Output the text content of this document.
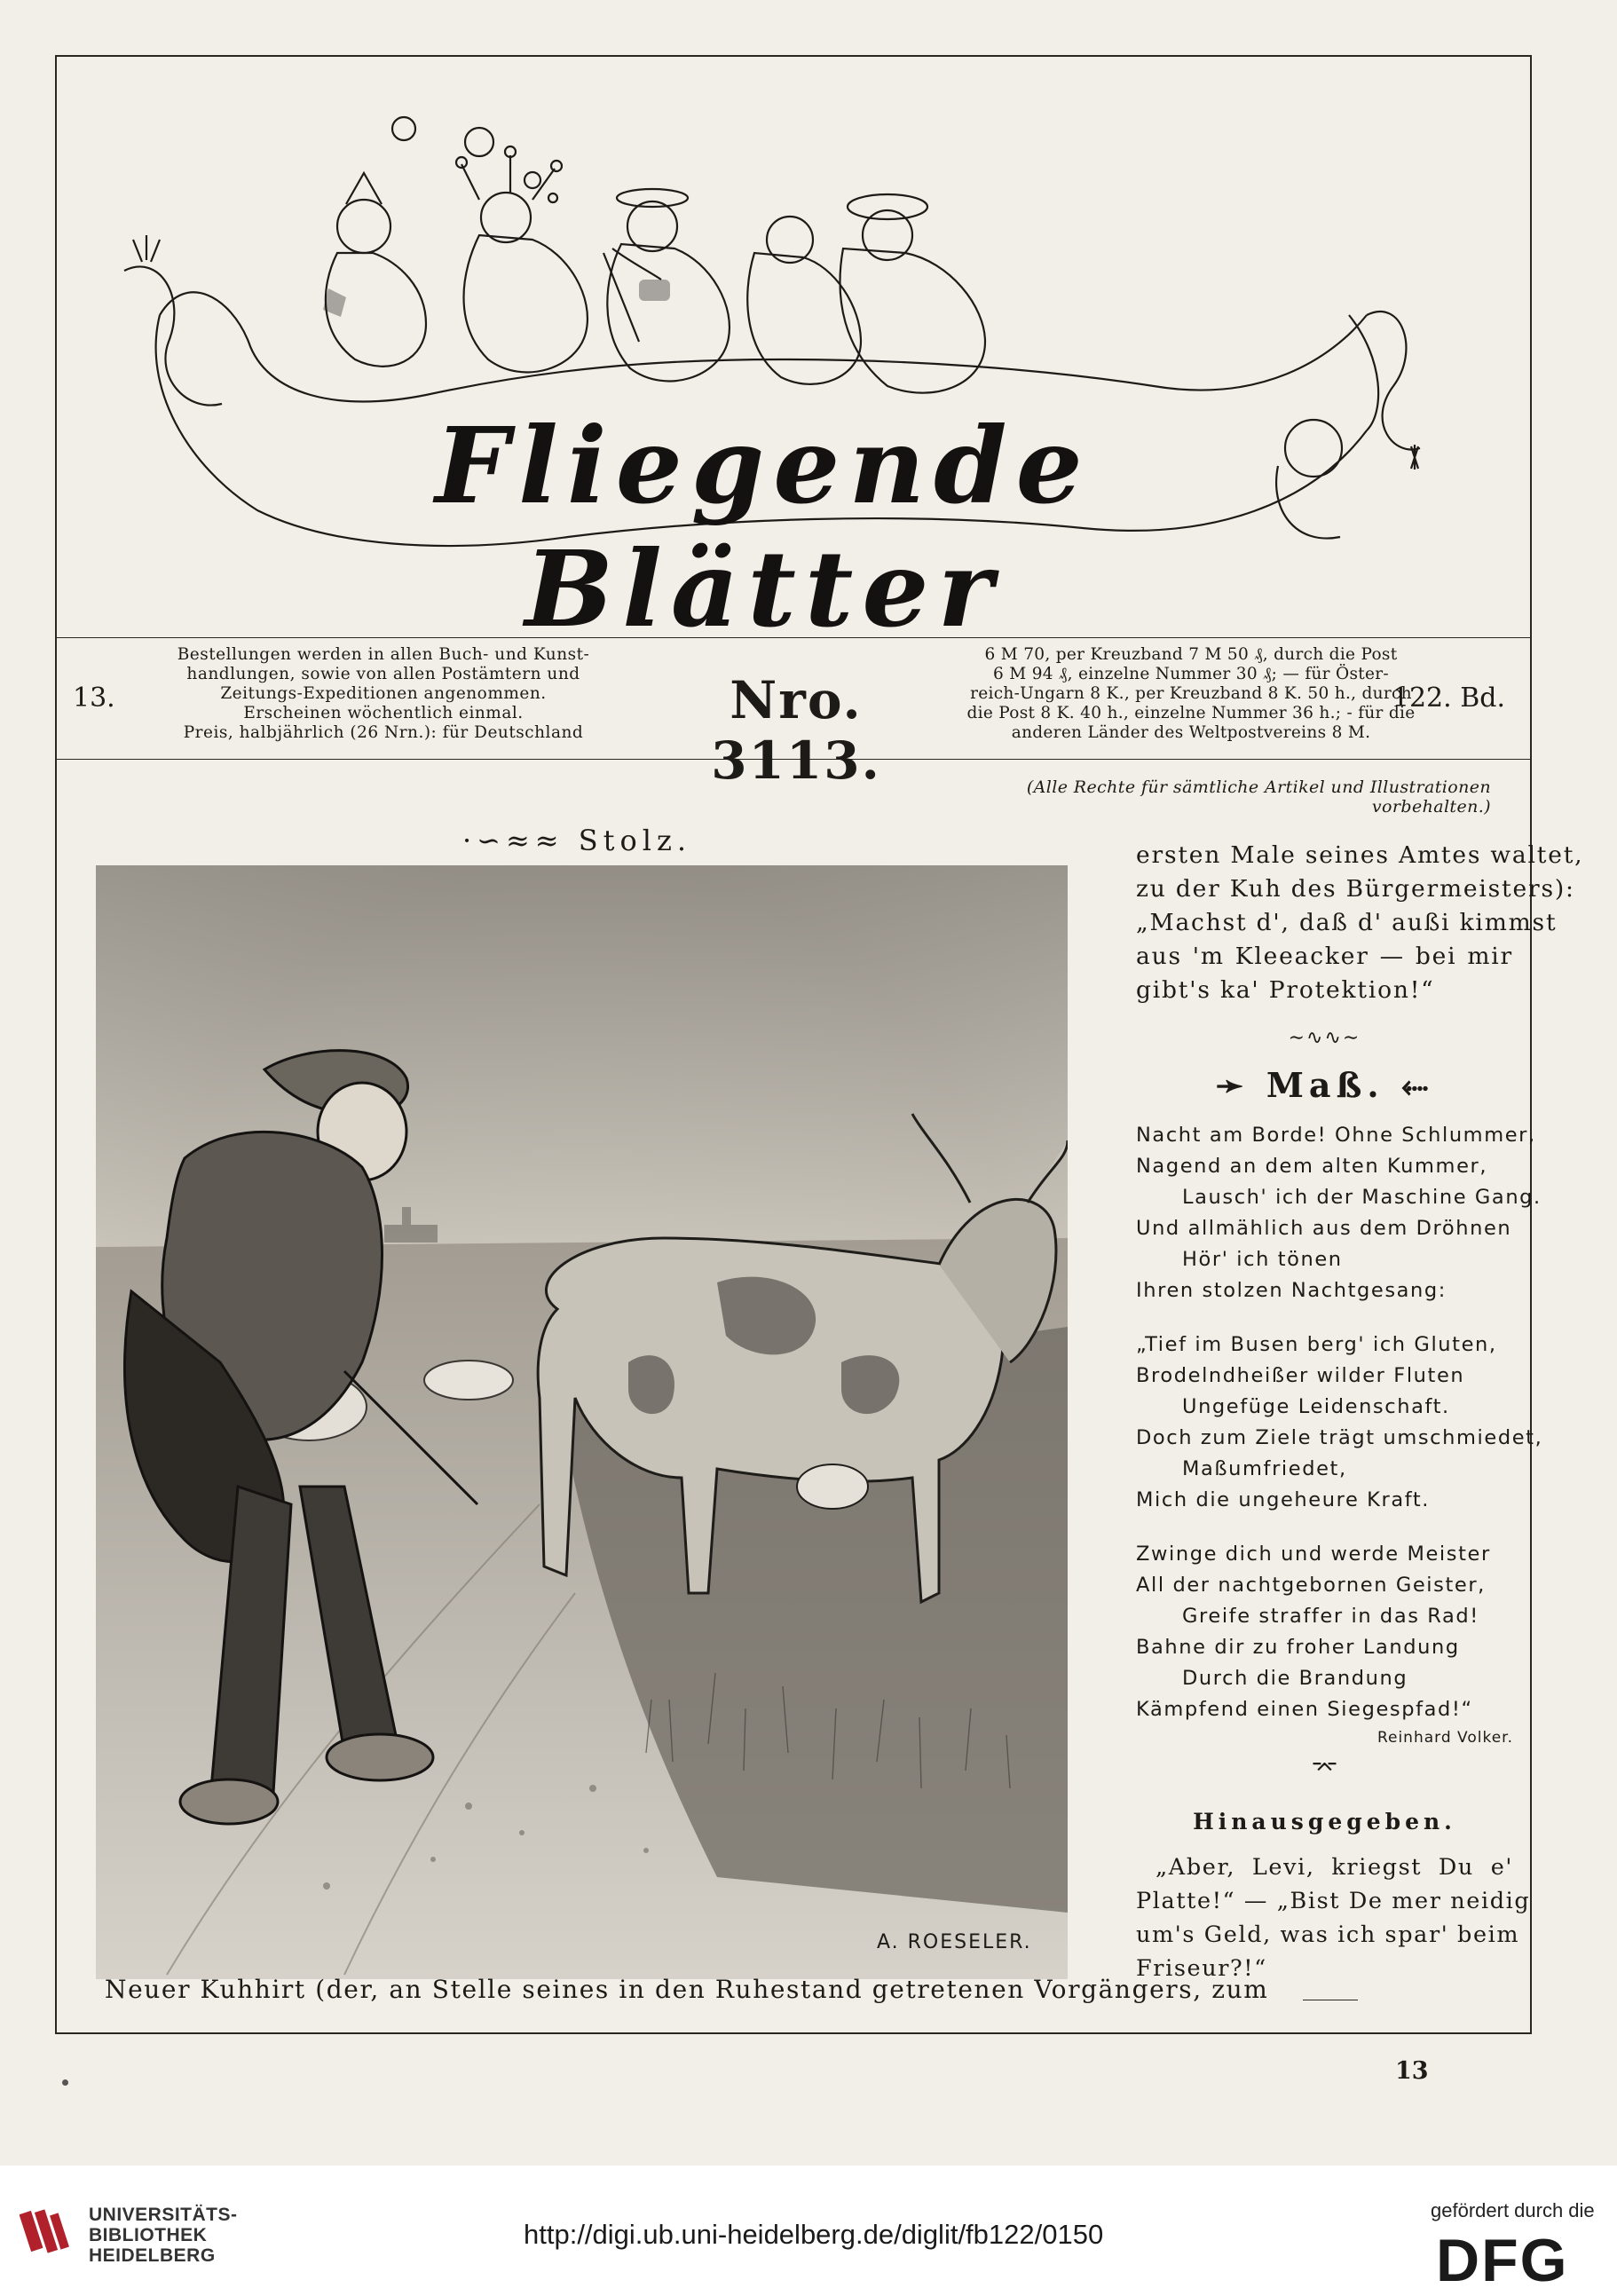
Fliegende Blätter
13.
Bestellungen werden in allen Buch- und Kunst-
handlungen, sowie von allen Postämtern und
Zeitungs-Expeditionen angenommen.
Erscheinen wöchentlich einmal.
Preis, halbjährlich (26 Nrn.): für Deutschland
Nro. 3113.
6 M 70, per Kreuzband 7 M 50 ₰, durch die Post
6 M 94 ₰, einzelne Nummer 30 ₰; — für Öster-
reich-Ungarn 8 K., per Kreuzband 8 K. 50 h., durch
die Post 8 K. 40 h., einzelne Nummer 36 h.; - für die
anderen Länder des Weltpostvereins 8 M.
122. Bd.
(Alle Rechte für sämtliche Artikel und Illustrationen vorbehalten.)
·∽≈≈ Stolz.
A. ROESELER.
Neuer Kuhhirt (der, an Stelle seines in den Ruhestand getretenen Vorgängers, zum
ersten Male seines Amtes waltet,
zu der Kuh des Bürgermeisters):
„Machst d', daß d' außi kimmst
aus 'm Kleeacker — bei mir
gibt's ka' Protektion!“
∼∿∿∼
➛ Maß. ⬸
Nacht am Borde! Ohne Schlummer,
Nagend an dem alten Kummer,
Lausch' ich der Maschine Gang.
Und allmählich aus dem Dröhnen
Hör' ich tönen
Ihren stolzen Nachtgesang:
„Tief im Busen berg' ich Gluten,
Brodelndheißer wilder Fluten
Ungefüge Leidenschaft.
Doch zum Ziele trägt umschmiedet,
Maßumfriedet,
Mich die ungeheure Kraft.
Zwinge dich und werde Meister
All der nachtgebornen Geister,
Greife straffer in das Rad!
Bahne dir zu froher Landung
Durch die Brandung
Kämpfend einen Siegespfad!“
Reinhard Volker.
⌤
Hinausgegeben.
„Aber, Levi, kriegst Du e'
Platte!“ — „Bist De mer neidig
um's Geld, was ich spar' beim
Friseur?!“
13
UNIVERSITÄTS-
BIBLIOTHEK
HEIDELBERG
http://digi.ub.uni-heidelberg.de/diglit/fb122/0150
gefördert durch die
DFG
